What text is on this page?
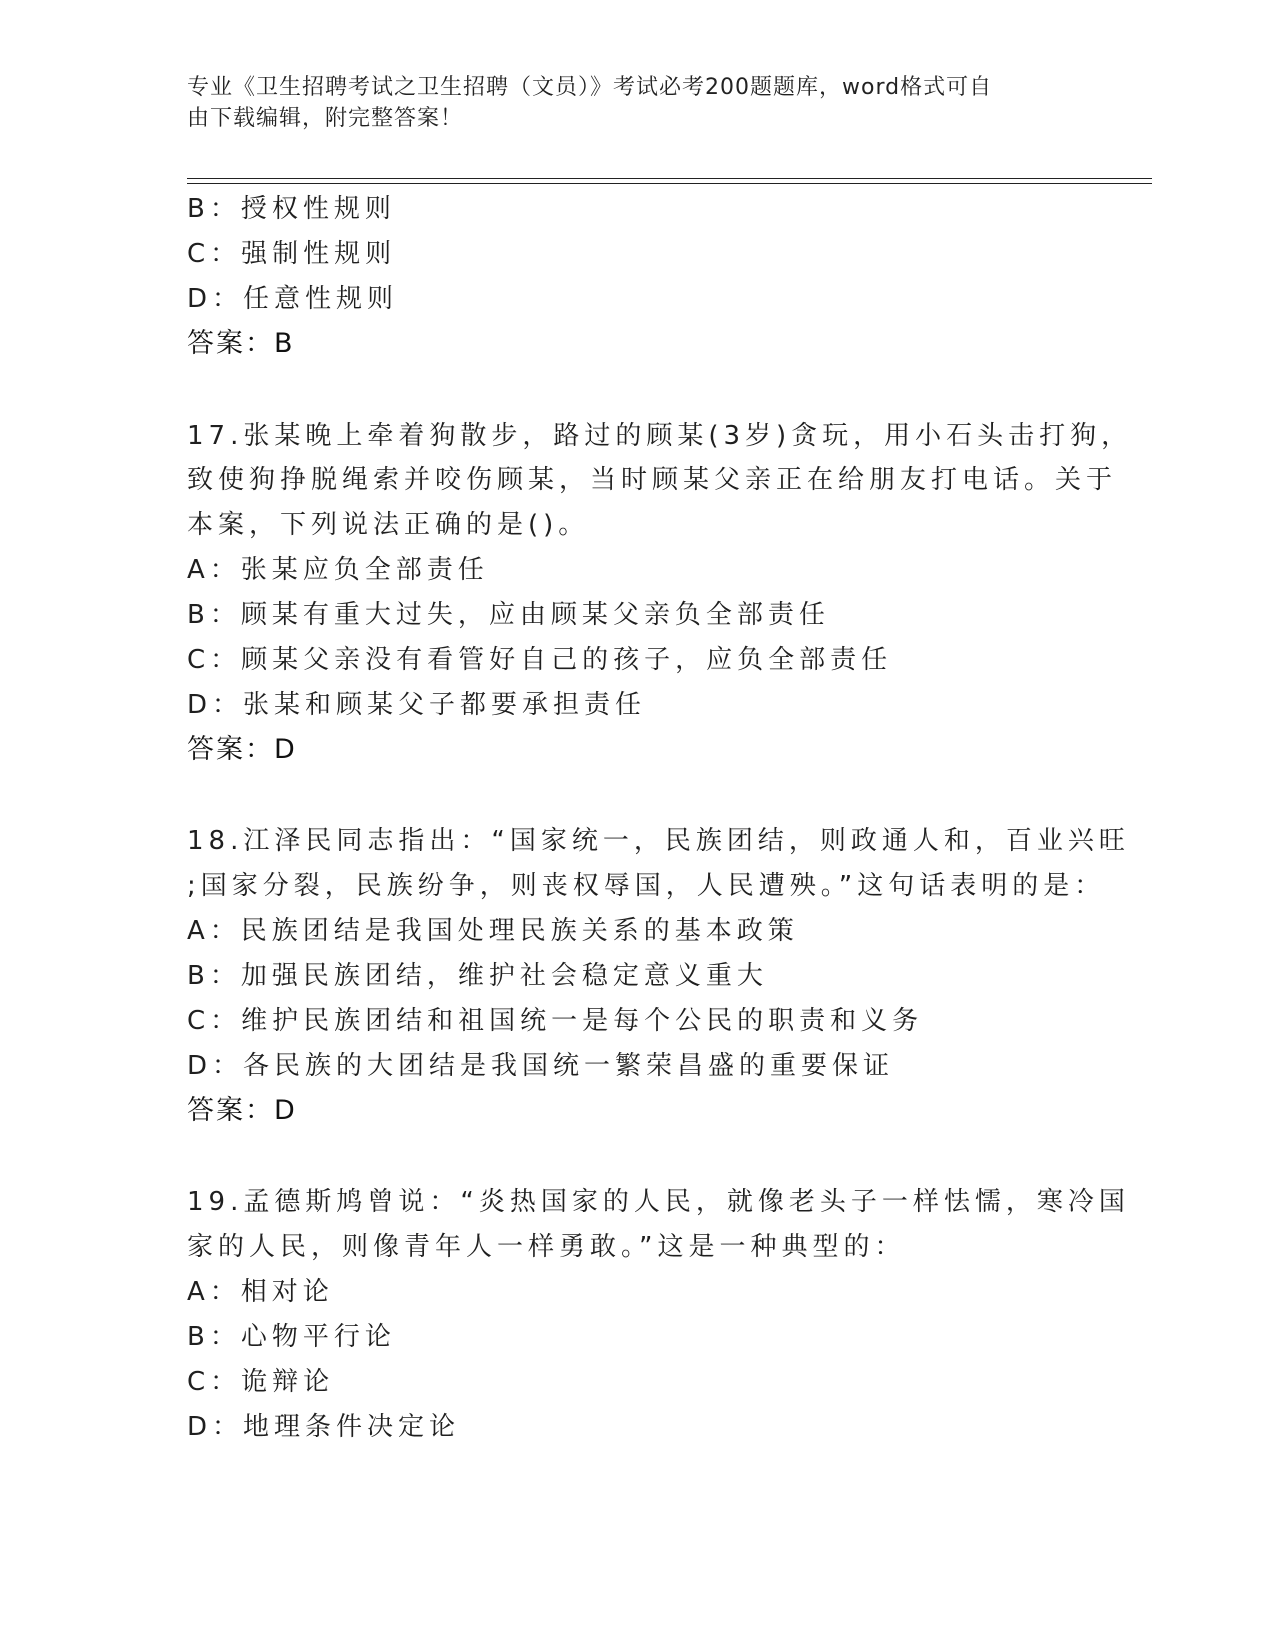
专业《卫生招聘考试之卫生招聘（文员）》考试必考200题题库，word格式可自
由下载编辑，附完整答案！
B：授权性规则
C：强制性规则
D：任意性规则
答案：B
17.张某晚上牵着狗散步，路过的顾某(3岁)贪玩，用小石头击打狗，
致使狗挣脱绳索并咬伤顾某，当时顾某父亲正在给朋友打电话。关于
本案，下列说法正确的是()。
A：张某应负全部责任
B：顾某有重大过失，应由顾某父亲负全部责任
C：顾某父亲没有看管好自己的孩子，应负全部责任
D：张某和顾某父子都要承担责任
答案：D
18.江泽民同志指出：“国家统一，民族团结，则政通人和，百业兴旺
;国家分裂，民族纷争，则丧权辱国，人民遭殃。”这句话表明的是：
A：民族团结是我国处理民族关系的基本政策
B：加强民族团结，维护社会稳定意义重大
C：维护民族团结和祖国统一是每个公民的职责和义务
D：各民族的大团结是我国统一繁荣昌盛的重要保证
答案：D
19.孟德斯鸠曾说：“炎热国家的人民，就像老头子一样怯懦，寒冷国
家的人民，则像青年人一样勇敢。”这是一种典型的：
A：相对论
B：心物平行论
C：诡辩论
D：地理条件决定论
